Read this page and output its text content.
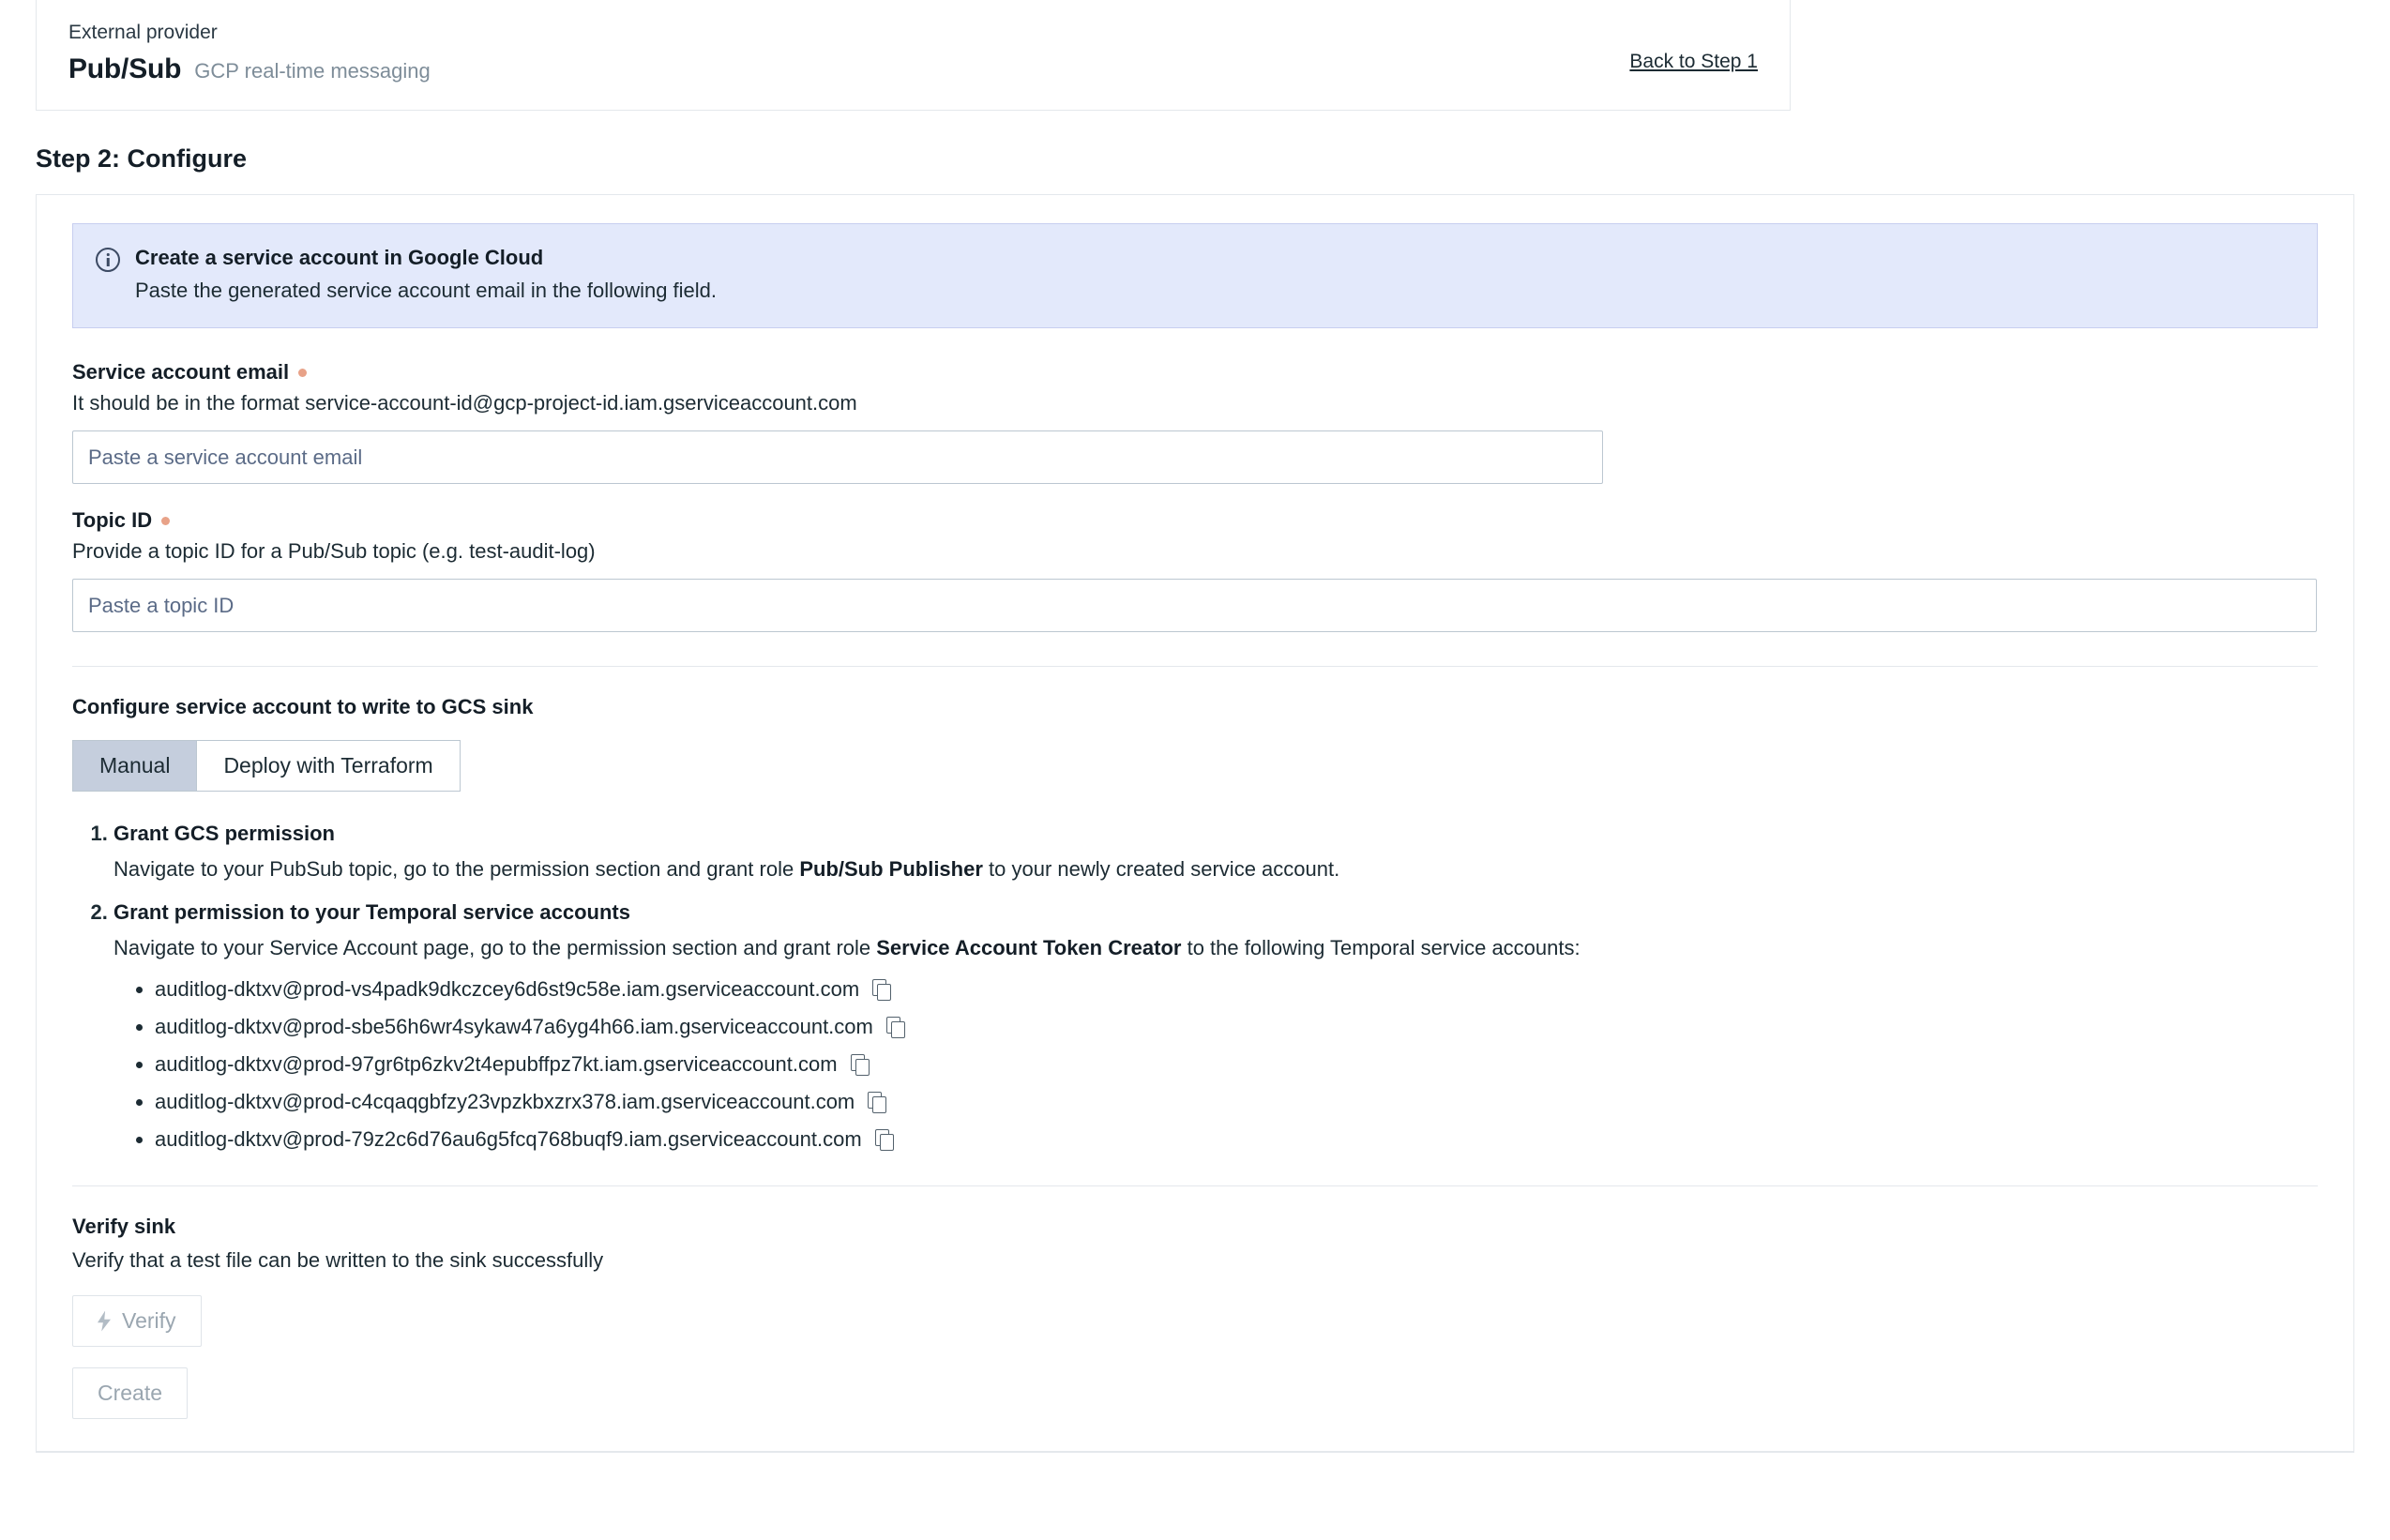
External provider
Pub/Sub GCP real-time messaging	Back to Step 1
Step 2: Configure
Create a service account in Google Cloud
Paste the generated service account email in the following field.
Service account email
It should be in the format service-account-id@gcp-project-id.iam.gserviceaccount.com
Paste a service account email
Topic ID
Provide a topic ID for a Pub/Sub topic (e.g. test-audit-log)
Paste a topic ID
Configure service account to write to GCS sink
Manual	Deploy with Terraform
1. Grant GCS permission
Navigate to your PubSub topic, go to the permission section and grant role Pub/Sub Publisher to your newly created service account.
2. Grant permission to your Temporal service accounts
Navigate to your Service Account page, go to the permission section and grant role Service Account Token Creator to the following Temporal service accounts:
• auditlog-dktxv@prod-vs4padk9dkczcey6d6st9c58e.iam.gserviceaccount.com
• auditlog-dktxv@prod-sbe56h6wr4sykaw47a6yg4h66.iam.gserviceaccount.com
• auditlog-dktxv@prod-97gr6tp6zkv2t4epubffpz7kt.iam.gserviceaccount.com
• auditlog-dktxv@prod-c4cqaqgbfzy23vpzkbxzrx378.iam.gserviceaccount.com
• auditlog-dktxv@prod-79z2c6d76au6g5fcq768buqf9.iam.gserviceaccount.com
Verify sink
Verify that a test file can be written to the sink successfully
Verify
Create
